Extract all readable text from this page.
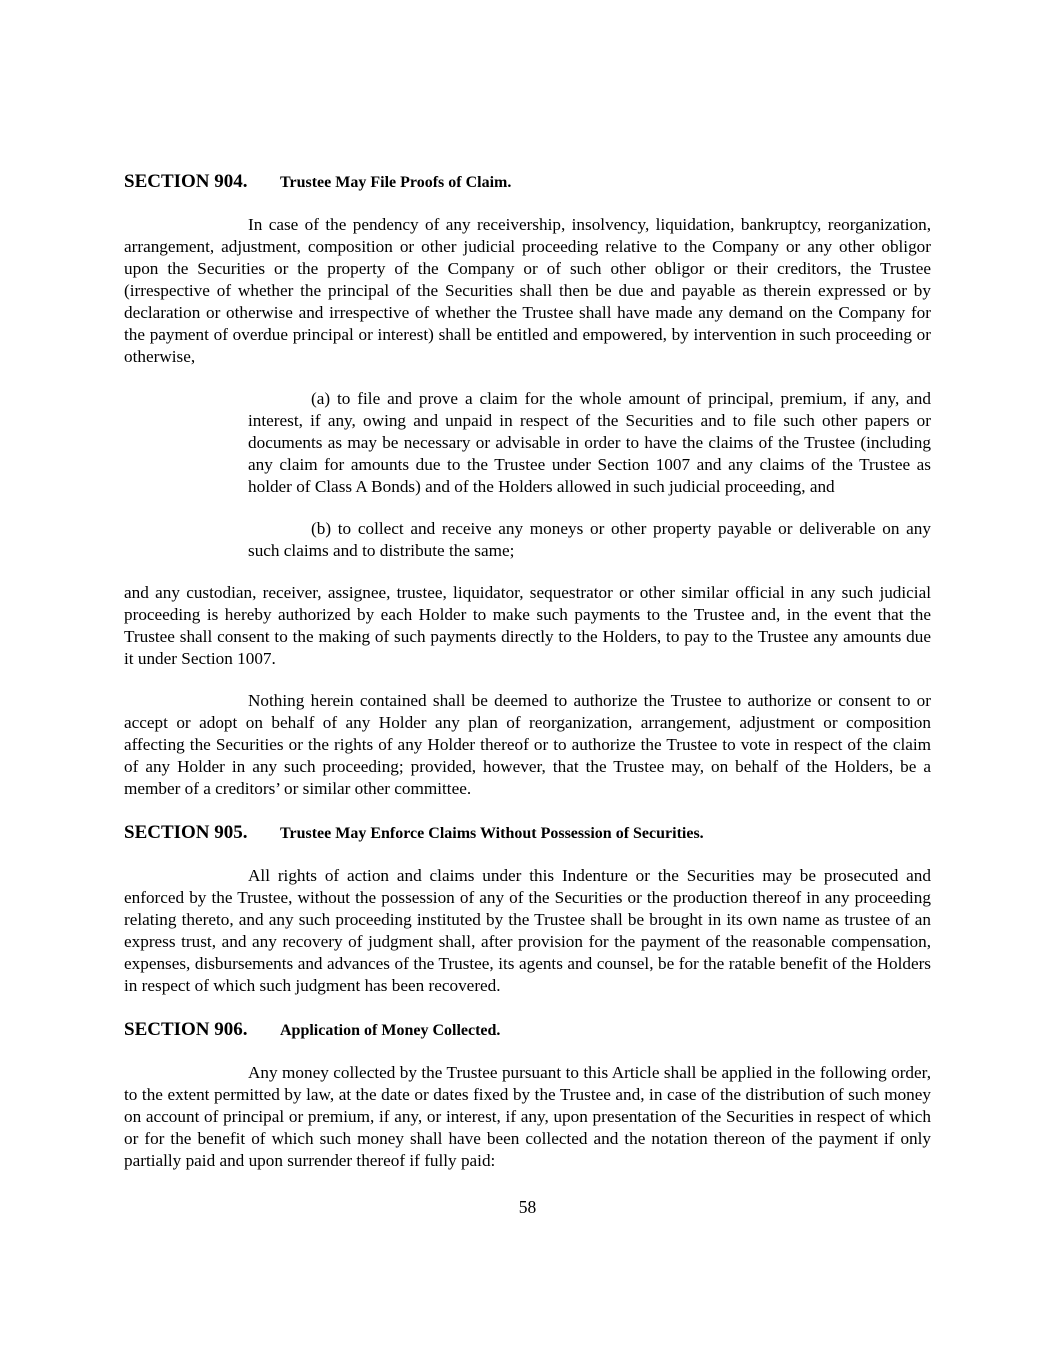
SECTION 904. Trustee May File Proofs of Claim.

In case of the pendency of any receivership, insolvency, liquidation, bankruptcy, reorganization, arrangement, adjustment, composition or other judicial proceeding relative to the Company or any other obligor upon the Securities or the property of the Company or of such other obligor or their creditors, the Trustee (irrespective of whether the principal of the Securities shall then be due and payable as therein expressed or by declaration or otherwise and irrespective of whether the Trustee shall have made any demand on the Company for the payment of overdue principal or interest) shall be entitled and empowered, by intervention in such proceeding or otherwise,

(a) to file and prove a claim for the whole amount of principal, premium, if any, and interest, if any, owing and unpaid in respect of the Securities and to file such other papers or documents as may be necessary or advisable in order to have the claims of the Trustee (including any claim for amounts due to the Trustee under Section 1007 and any claims of the Trustee as holder of Class A Bonds) and of the Holders allowed in such judicial proceeding, and

(b) to collect and receive any moneys or other property payable or deliverable on any such claims and to distribute the same;

and any custodian, receiver, assignee, trustee, liquidator, sequestrator or other similar official in any such judicial proceeding is hereby authorized by each Holder to make such payments to the Trustee and, in the event that the Trustee shall consent to the making of such payments directly to the Holders, to pay to the Trustee any amounts due it under Section 1007.

Nothing herein contained shall be deemed to authorize the Trustee to authorize or consent to or accept or adopt on behalf of any Holder any plan of reorganization, arrangement, adjustment or composition affecting the Securities or the rights of any Holder thereof or to authorize the Trustee to vote in respect of the claim of any Holder in any such proceeding; provided, however, that the Trustee may, on behalf of the Holders, be a member of a creditors’ or similar other committee.

SECTION 905. Trustee May Enforce Claims Without Possession of Securities.

All rights of action and claims under this Indenture or the Securities may be prosecuted and enforced by the Trustee, without the possession of any of the Securities or the production thereof in any proceeding relating thereto, and any such proceeding instituted by the Trustee shall be brought in its own name as trustee of an express trust, and any recovery of judgment shall, after provision for the payment of the reasonable compensation, expenses, disbursements and advances of the Trustee, its agents and counsel, be for the ratable benefit of the Holders in respect of which such judgment has been recovered.

SECTION 906. Application of Money Collected.

Any money collected by the Trustee pursuant to this Article shall be applied in the following order, to the extent permitted by law, at the date or dates fixed by the Trustee and, in case of the distribution of such money on account of principal or premium, if any, or interest, if any, upon presentation of the Securities in respect of which or for the benefit of which such money shall have been collected and the notation thereon of the payment if only partially paid and upon surrender thereof if fully paid:

58
